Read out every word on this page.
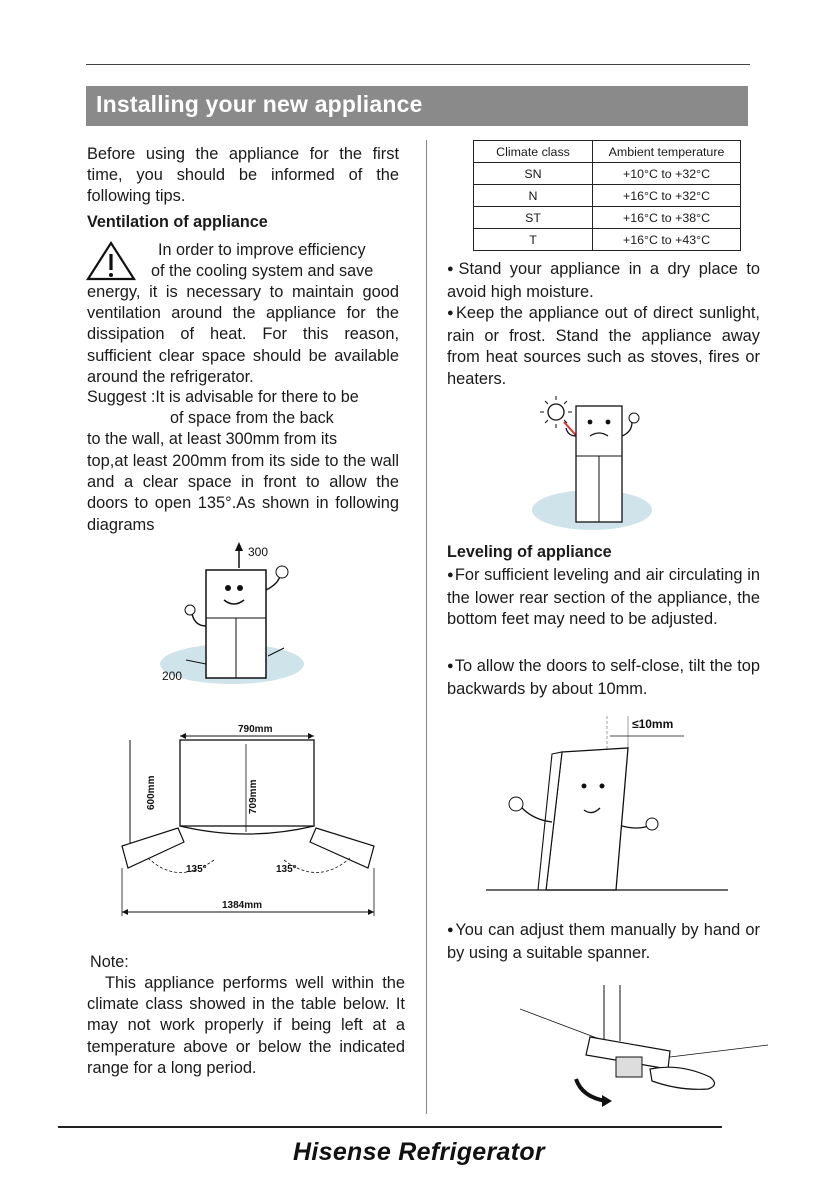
Installing your new appliance
Before using the appliance for the first time, you should be informed of the following tips.
Ventilation of appliance
In order to improve efficiency
of the cooling system and save
energy, it is necessary to maintain good ventilation around the appliance for the dissipation of heat. For this reason, sufficient clear space should be available around the refrigerator.
Suggest :It is advisable for there to be
of space from the back
to the wall, at least 300mm from its
top,at least 200mm from its side to the wall and a clear space in front to allow the doors to open 135°.As shown in following diagrams
300
200
790mm
600mm	709mm
135°	135°
1384mm
Note:
This appliance performs well within the climate class showed in the table below. It may not work properly if being left at a temperature above or below the indicated range for a long period.
Climate class	Ambient temperature
SN	+10°C to +32°C
N	+16°C to +32°C
ST	+16°C to +38°C
T	+16°C to +43°C
● Stand your appliance in a dry place to avoid high moisture.
● Keep the appliance out of direct sunlight, rain or frost. Stand the appliance away from heat sources such as stoves, fires or heaters.
Leveling of appliance
● For sufficient leveling and air circulating in the lower rear section of the appliance, the bottom feet may need to be adjusted.
● To allow the doors to self-close, tilt the top backwards by about 10mm.
≤10mm
● You can adjust them manually by hand or by using a suitable spanner.
Hisense Refrigerator
